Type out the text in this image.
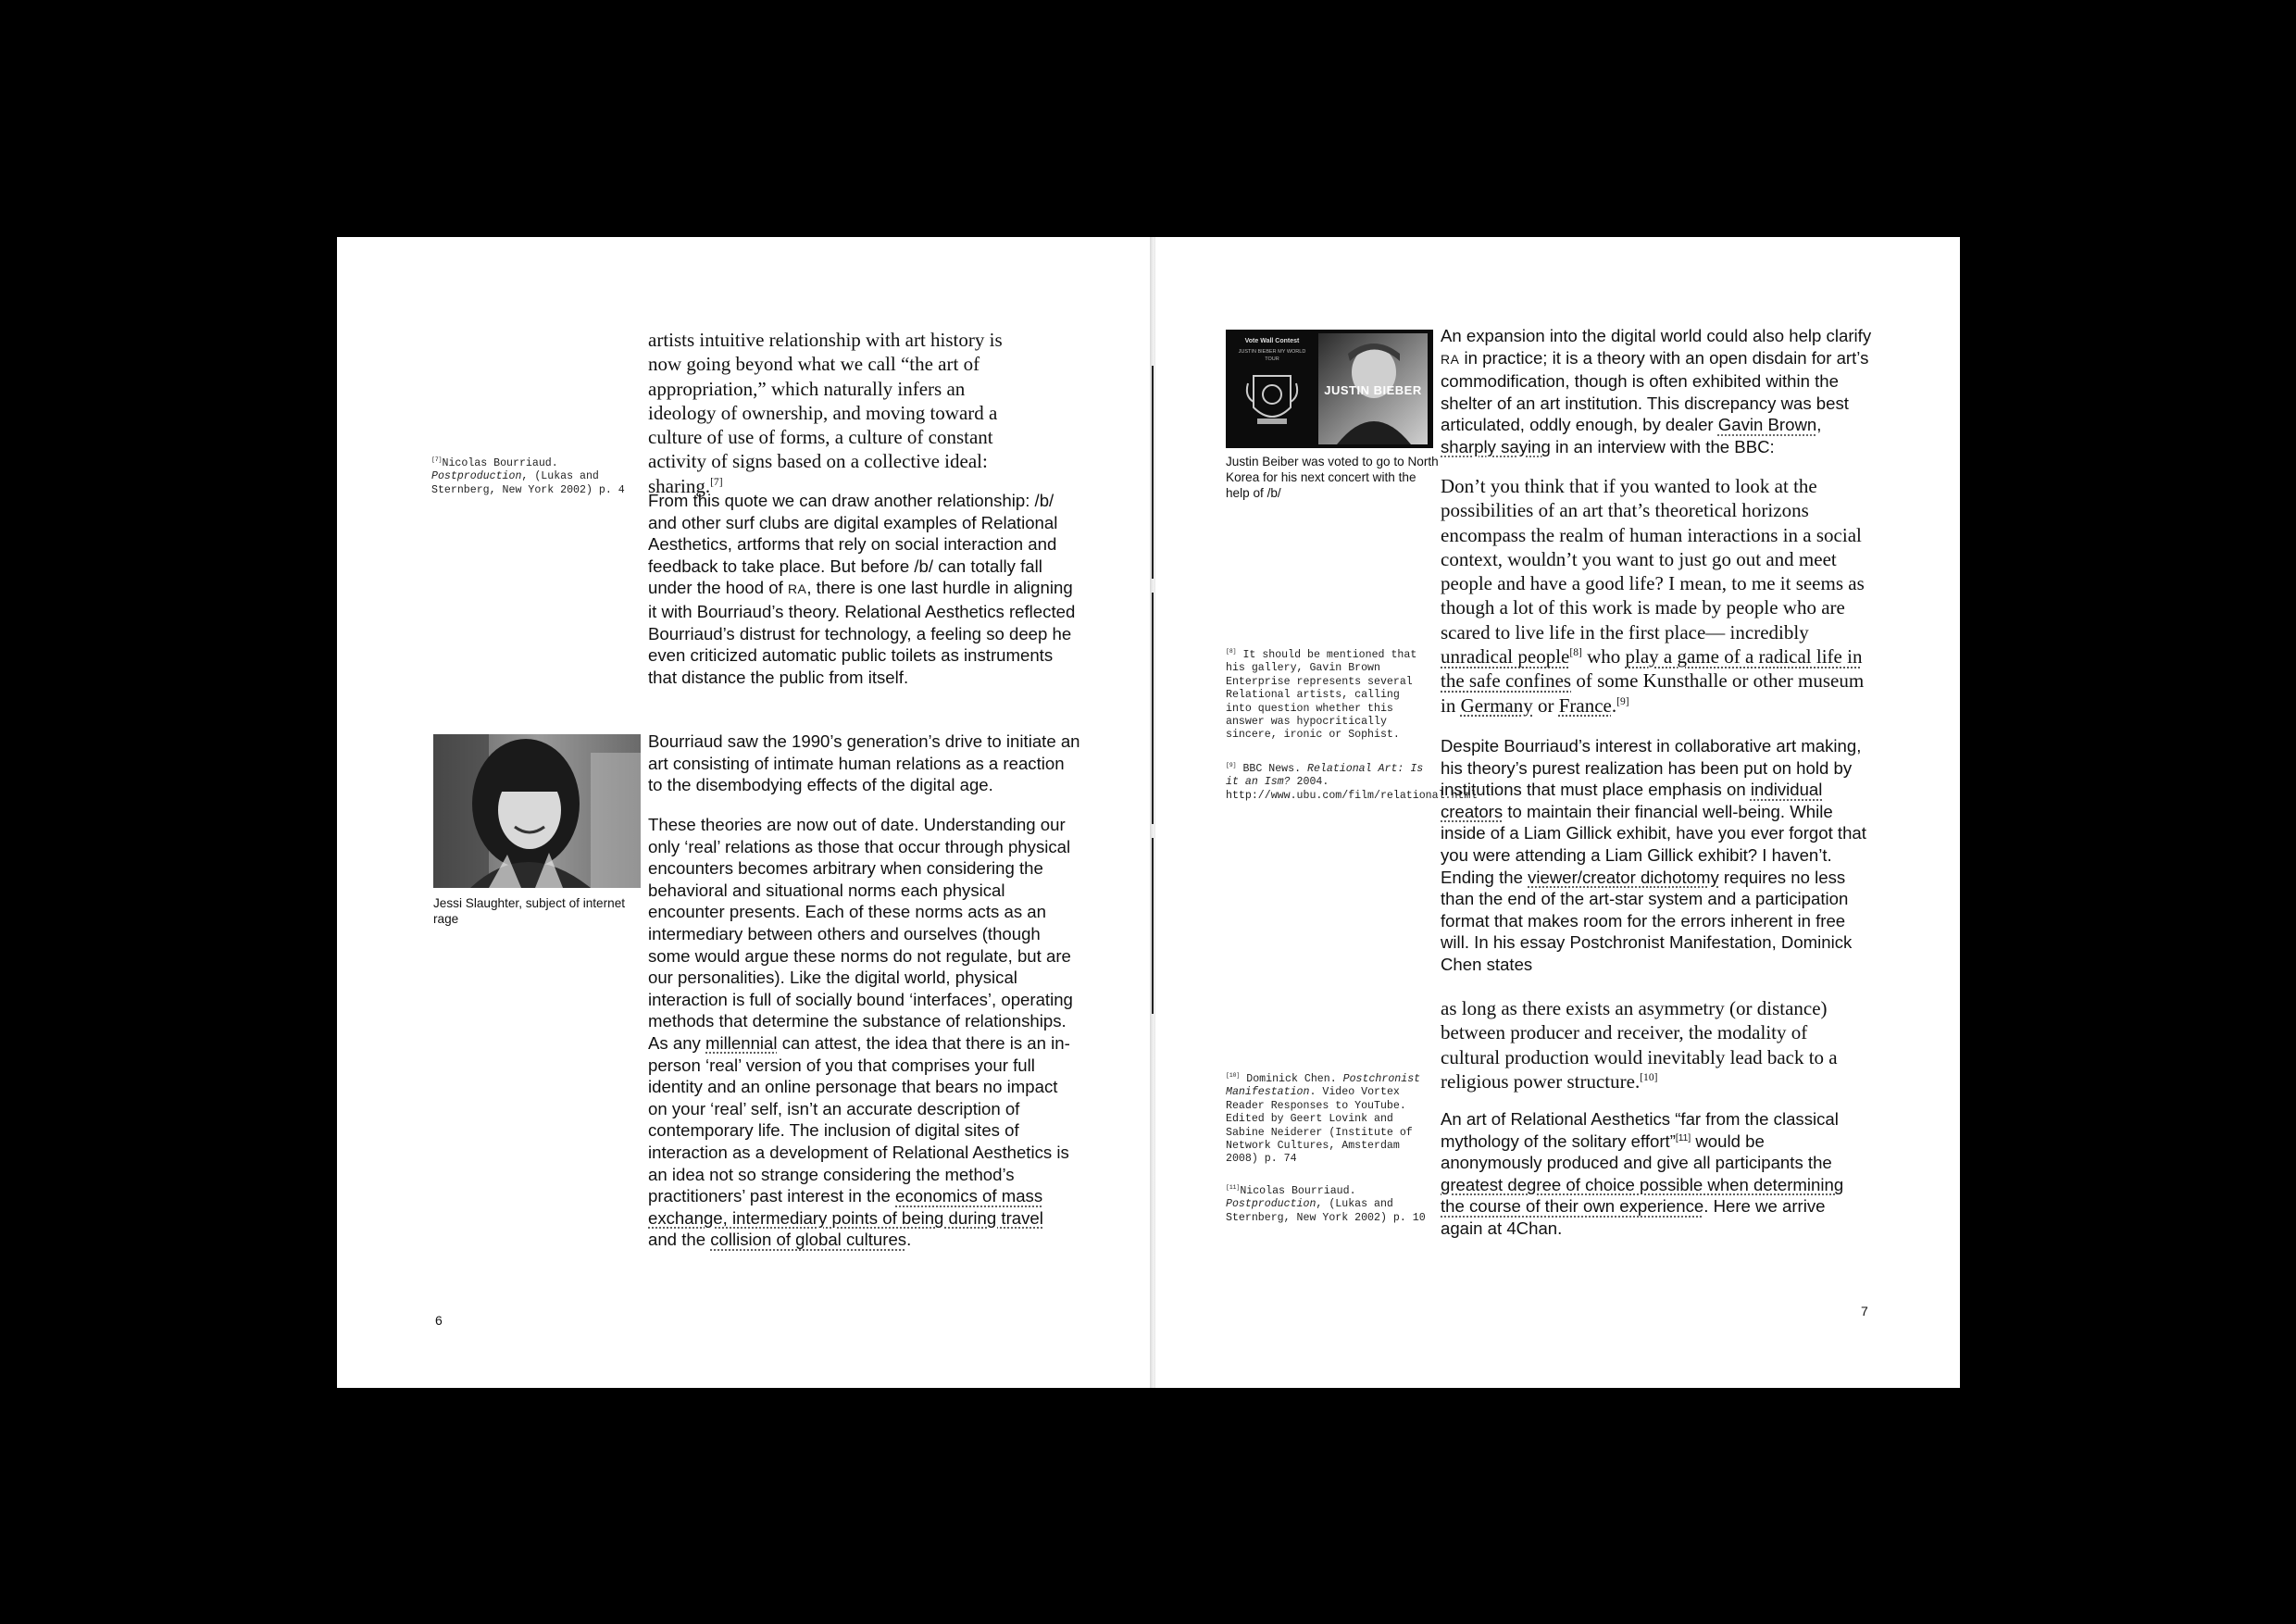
artists intuitive relationship with art history is now going beyond what we call “the art of appropriation,” which naturally infers an ideology of ownership, and moving toward a culture of use of forms, a culture of constant activity of signs based on a collective ideal: sharing.[7]
[7]Nicolas Bourriaud. Postproduction, (Lukas and Sternberg, New York 2002) p. 4
From this quote we can draw another relationship: /b/ and other surf clubs are digital examples of Relational Aesthetics, artforms that rely on social interaction and feedback to take place. But before /b/ can totally fall under the hood of RA, there is one last hurdle in aligning it with Bourriaud’s theory. Relational Aesthetics reflected Bourriaud’s distrust for technology, a feeling so deep he even criticized automatic public toilets as instruments that distance the public from itself.
Jessi Slaughter, subject of internet rage
Bourriaud saw the 1990’s generation’s drive to initiate an art consisting of intimate human relations as a reaction to the disembodying effects of the digital age.
These theories are now out of date. Understanding our only ‘real’ relations as those that occur through physical encounters becomes arbitrary when considering the behavioral and situational norms each physical encounter presents. Each of these norms acts as an intermediary between others and ourselves (though some would argue these norms do not regulate, but are our personalities). Like the digital world, physical interaction is full of socially bound ‘interfaces’, operating methods that determine the substance of relationships. As any millennial can attest, the idea that there is an in-person ‘real’ version of you that comprises your full identity and an online personage that bears no impact on your ‘real’ self, isn’t an accurate description of contemporary life. The inclusion of digital sites of interaction as a development of Relational Aesthetics is an idea not so strange considering the method’s practitioners’ past interest in the economics of mass exchange, intermediary points of being during travel and the collision of global cultures.
6
Vote Wall Contest
JUSTIN BIEBER MY WORLD TOUR
JUSTIN BIEBER
Justin Beiber was voted to go to North Korea for his next concert with the help of /b/
An expansion into the digital world could also help clarify RA in practice; it is a theory with an open disdain for art’s commodification, though is often exhibited within the shelter of an art institution. This discrepancy was best articulated, oddly enough, by dealer Gavin Brown, sharply saying in an interview with the BBC:
Don’t you think that if you wanted to look at the possibilities of an art that’s theoretical horizons encompass the realm of human interactions in a social context, wouldn’t you want to just go out and meet people and have a good life? I mean, to me it seems as though a lot of this work is made by people who are scared to live life in the first place— incredibly unradical people[8] who play a game of a radical life in the safe confines of some Kunsthalle or other museum in Germany or France.[9]
[8] It should be mentioned that his gallery, Gavin Brown Enterprise represents several Relational artists, calling into question whether this answer was hypocritically sincere, ironic or Sophist.
[9] BBC News. Relational Art: Is it an Ism? 2004. http://www.ubu.com/film/relational.html
Despite Bourriaud’s interest in collaborative art making, his theory’s purest realization has been put on hold by institutions that must place emphasis on individual creators to maintain their financial well-being. While inside of a Liam Gillick exhibit, have you ever forgot that you were attending a Liam Gillick exhibit? I haven’t. Ending the viewer/creator dichotomy requires no less than the end of the art-star system and a participation format that makes room for the errors inherent in free will. In his essay Postchronist Manifestation, Dominick Chen states
as long as there exists an asymmetry (or distance) between producer and receiver, the modality of cultural production would inevitably lead back to a religious power structure.[10]
[10] Dominick Chen. Postchronist Manifestation. Video Vortex Reader Responses to YouTube. Edited by Geert Lovink and Sabine Neiderer (Institute of Network Cultures, Amsterdam 2008) p. 74
[11]Nicolas Bourriaud. Postproduction, (Lukas and Sternberg, New York 2002) p. 10
An art of Relational Aesthetics “far from the classical mythology of the solitary effort”[11] would be anonymously produced and give all participants the greatest degree of choice possible when determining the course of their own experience. Here we arrive again at 4Chan.
7
